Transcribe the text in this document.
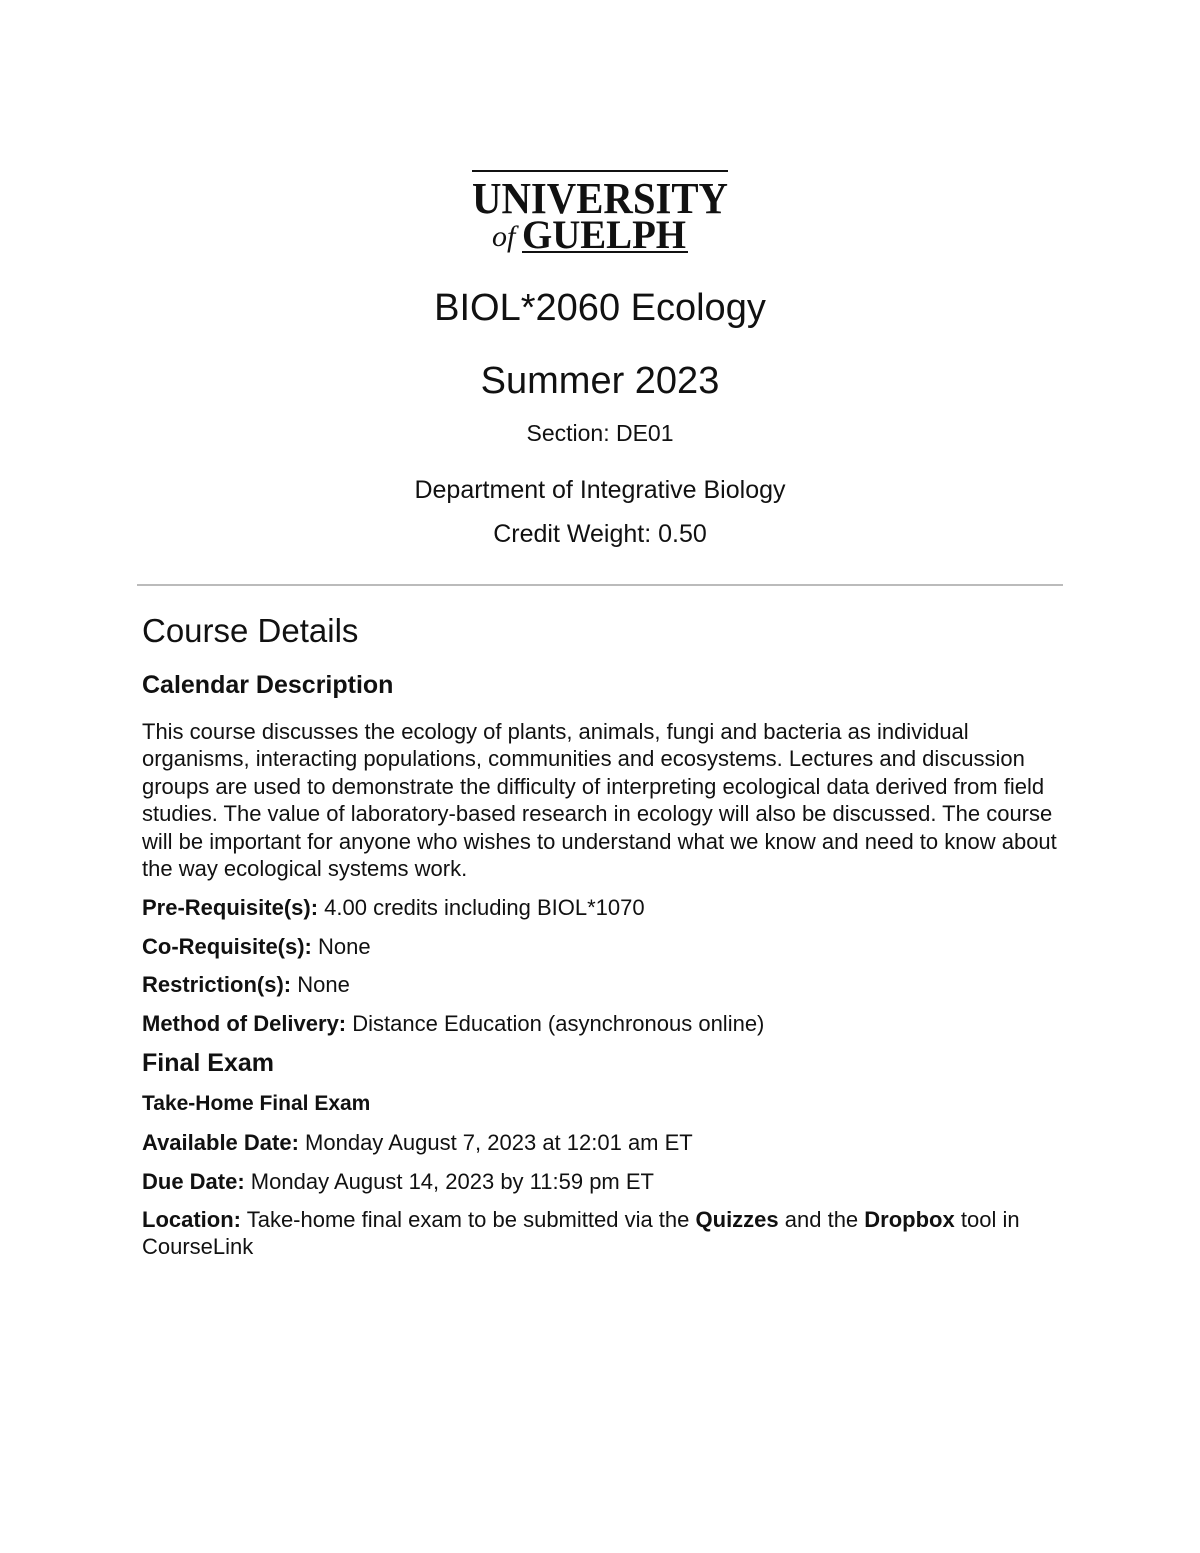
UNIVERSITY
of GUELPH
BIOL*2060 Ecology
Summer 2023
Section: DE01
Department of Integrative Biology
Credit Weight: 0.50
Course Details
Calendar Description

This course discusses the ecology of plants, animals, fungi and bacteria as individual organisms, interacting populations, communities and ecosystems. Lectures and discussion groups are used to demonstrate the difficulty of interpreting ecological data derived from field studies. The value of laboratory-based research in ecology will also be discussed. The course will be important for anyone who wishes to understand what we know and need to know about the way ecological systems work.

Pre-Requisite(s): 4.00 credits including BIOL*1070

Co-Requisite(s): None

Restriction(s): None

Method of Delivery: Distance Education (asynchronous online)

Final Exam
Take-Home Final Exam

Available Date: Monday August 7, 2023 at 12:01 am ET

Due Date: Monday August 14, 2023 by 11:59 pm ET

Location: Take-home final exam to be submitted via the Quizzes and the Dropbox tool in CourseLink
